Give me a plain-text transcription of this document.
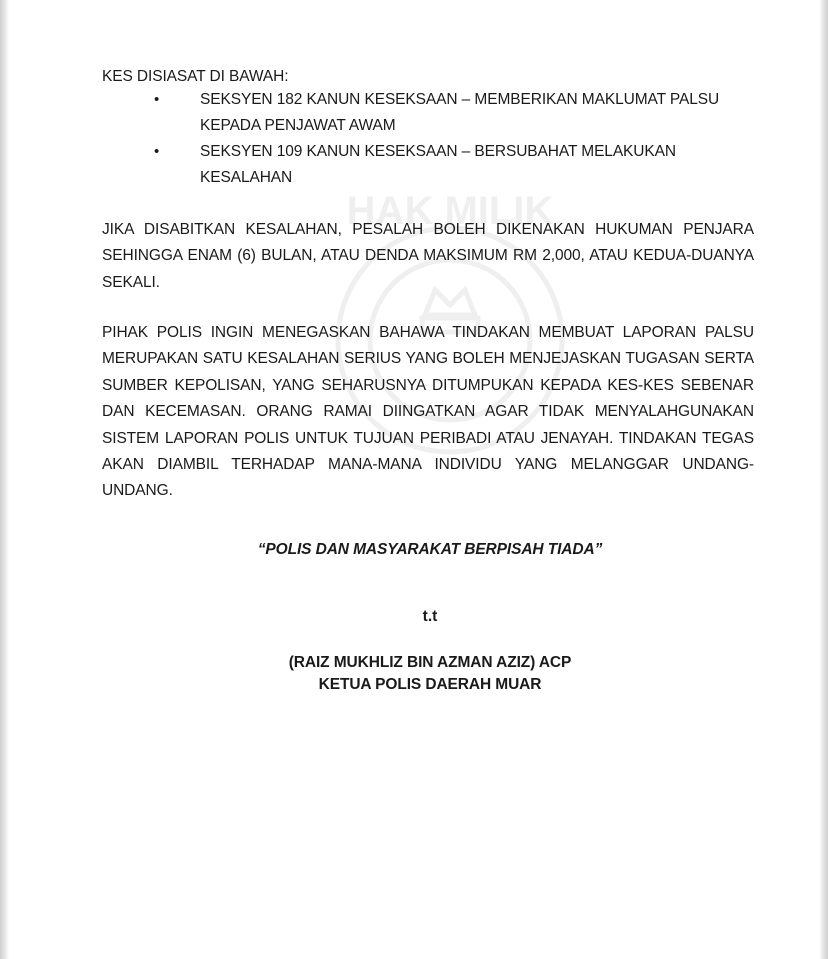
HAK MILIK
KES DISIASAT DI BAWAH:
•	SEKSYEN 182 KANUN KESEKSAAN – MEMBERIKAN MAKLUMAT PALSU
KEPADA PENJAWAT AWAM
•	SEKSYEN 109 KANUN KESEKSAAN – BERSUBAHAT MELAKUKAN
KESALAHAN

JIKA DISABITKAN KESALAHAN, PESALAH BOLEH DIKENAKAN HUKUMAN PENJARA SEHINGGA ENAM (6) BULAN, ATAU DENDA MAKSIMUM RM 2,000, ATAU KEDUA-DUANYA SEKALI.

PIHAK POLIS INGIN MENEGASKAN BAHAWA TINDAKAN MEMBUAT LAPORAN PALSU MERUPAKAN SATU KESALAHAN SERIUS YANG BOLEH MENJEJASKAN TUGASAN SERTA SUMBER KEPOLISAN, YANG SEHARUSNYA DITUMPUKAN KEPADA KES-KES SEBENAR DAN KECEMASAN. ORANG RAMAI DIINGATKAN AGAR TIDAK MENYALAHGUNAKAN SISTEM LAPORAN POLIS UNTUK TUJUAN PERIBADI ATAU JENAYAH. TINDAKAN TEGAS AKAN DIAMBIL TERHADAP MANA-MANA INDIVIDU YANG MELANGGAR UNDANG-UNDANG.

“POLIS DAN MASYARAKAT BERPISAH TIADA”
t.t
(RAIZ MUKHLIZ BIN AZMAN AZIZ) ACP
KETUA POLIS DAERAH MUAR
